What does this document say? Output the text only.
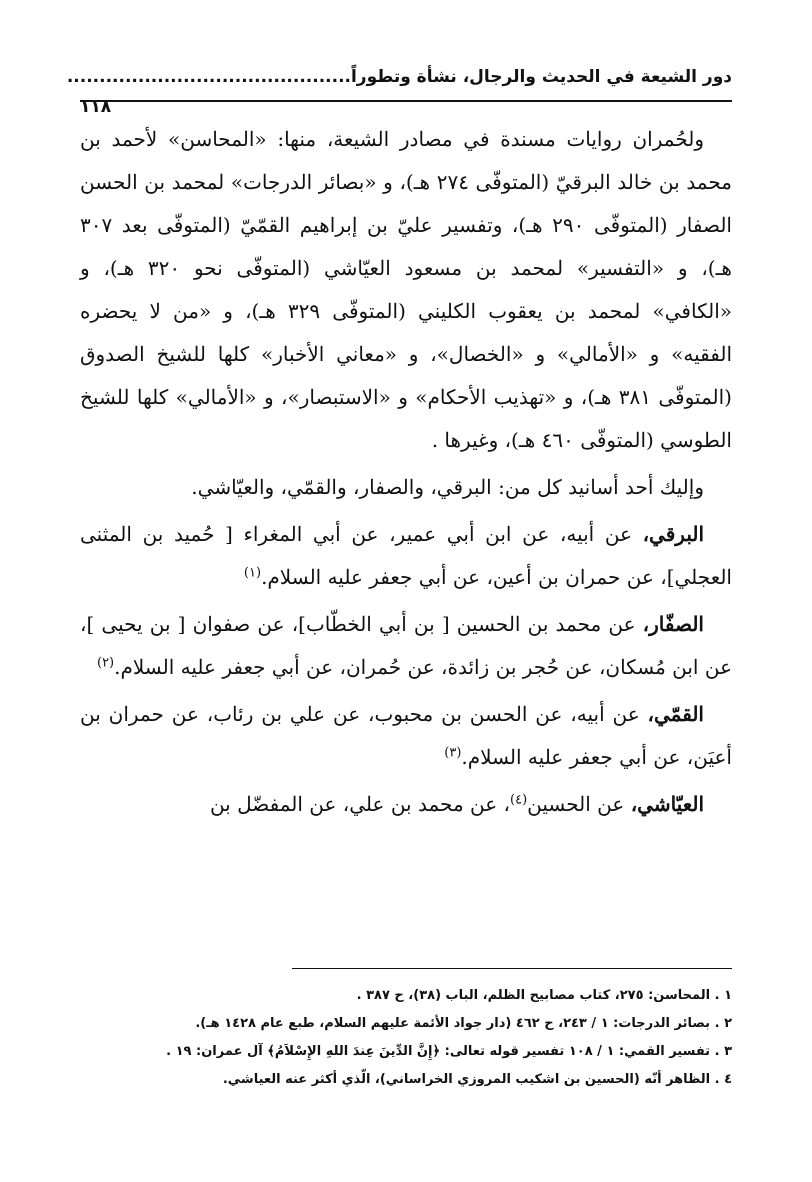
دور الشيعة في الحديث والرجال، نشأة وتطوراً
............................................
١١٨

ولحُمران روايات مسندة في مصادر الشيعة، منها: «المحاسن» لأحمد بن محمد بن خالد البرقيّ (المتوفّى ٢٧٤ هـ)، و «بصائر الدرجات» لمحمد بن الحسن الصفار (المتوفّى ٢٩٠ هـ)، وتفسير عليّ بن إبراهيم القمّيّ (المتوفّى بعد ٣٠٧ هـ)، و «التفسير» لمحمد بن مسعود العيّاشي (المتوفّى نحو ٣٢٠ هـ)، و «الكافي» لمحمد بن يعقوب الكليني (المتوفّى ٣٢٩ هـ)، و «من لا يحضره الفقيه» و «الأمالي» و «الخصال»، و «معاني الأخبار» كلها للشيخ الصدوق (المتوفّى ٣٨١ هـ)، و «تهذيب الأحكام» و «الاستبصار»، و «الأمالي» كلها للشيخ الطوسي (المتوفّى ٤٦٠ هـ)، وغيرها .

وإليك أحد أسانيد كل من: البرقي، والصفار، والقمّي، والعيّاشي.

البرقي، عن أبيه، عن ابن أبي عمير، عن أبي المغراء [ حُميد بن المثنى العجلي]، عن حمران بن أعين، عن أبي جعفر عليه السلام.$^{(١)}$

الصفّار، عن محمد بن الحسين [ بن أبي الخطّاب]، عن صفوان [ بن يحيى ]، عن ابن مُسكان، عن حُجر بن زائدة، عن حُمران، عن أبي جعفر عليه السلام.$^{(٢)}$

القمّي، عن أبيه، عن الحسن بن محبوب، عن علي بن رئاب، عن حمران بن أعيَن، عن أبي جعفر عليه السلام.$^{(٣)}$

العيّاشي، عن الحسين$^{(٤)}$، عن محمد بن علي، عن المفضّل بن

١ . المحاسن: ٢٧٥، كتاب مصابيح الظلم، الباب (٣٨)، ح ٣٨٧ .

٢ . بصائر الدرجات: ١ / ٢٤٣، ح ٤٦٢ (دار جواد الأئمة عليهم السلام، طبع عام ١٤٢٨ هـ).

٣ . تفسير القمي: ١ / ١٠٨ تفسير قوله تعالى: ﴿إِنَّ الدِّينَ عِندَ اللهِ الإِسْلاَمُ﴾ آل عمران: ١٩ .

٤ . الظاهر أنّه (الحسين بن اشكيب المروزي الخراساني)، الّذي أكثر عنه العياشي.
